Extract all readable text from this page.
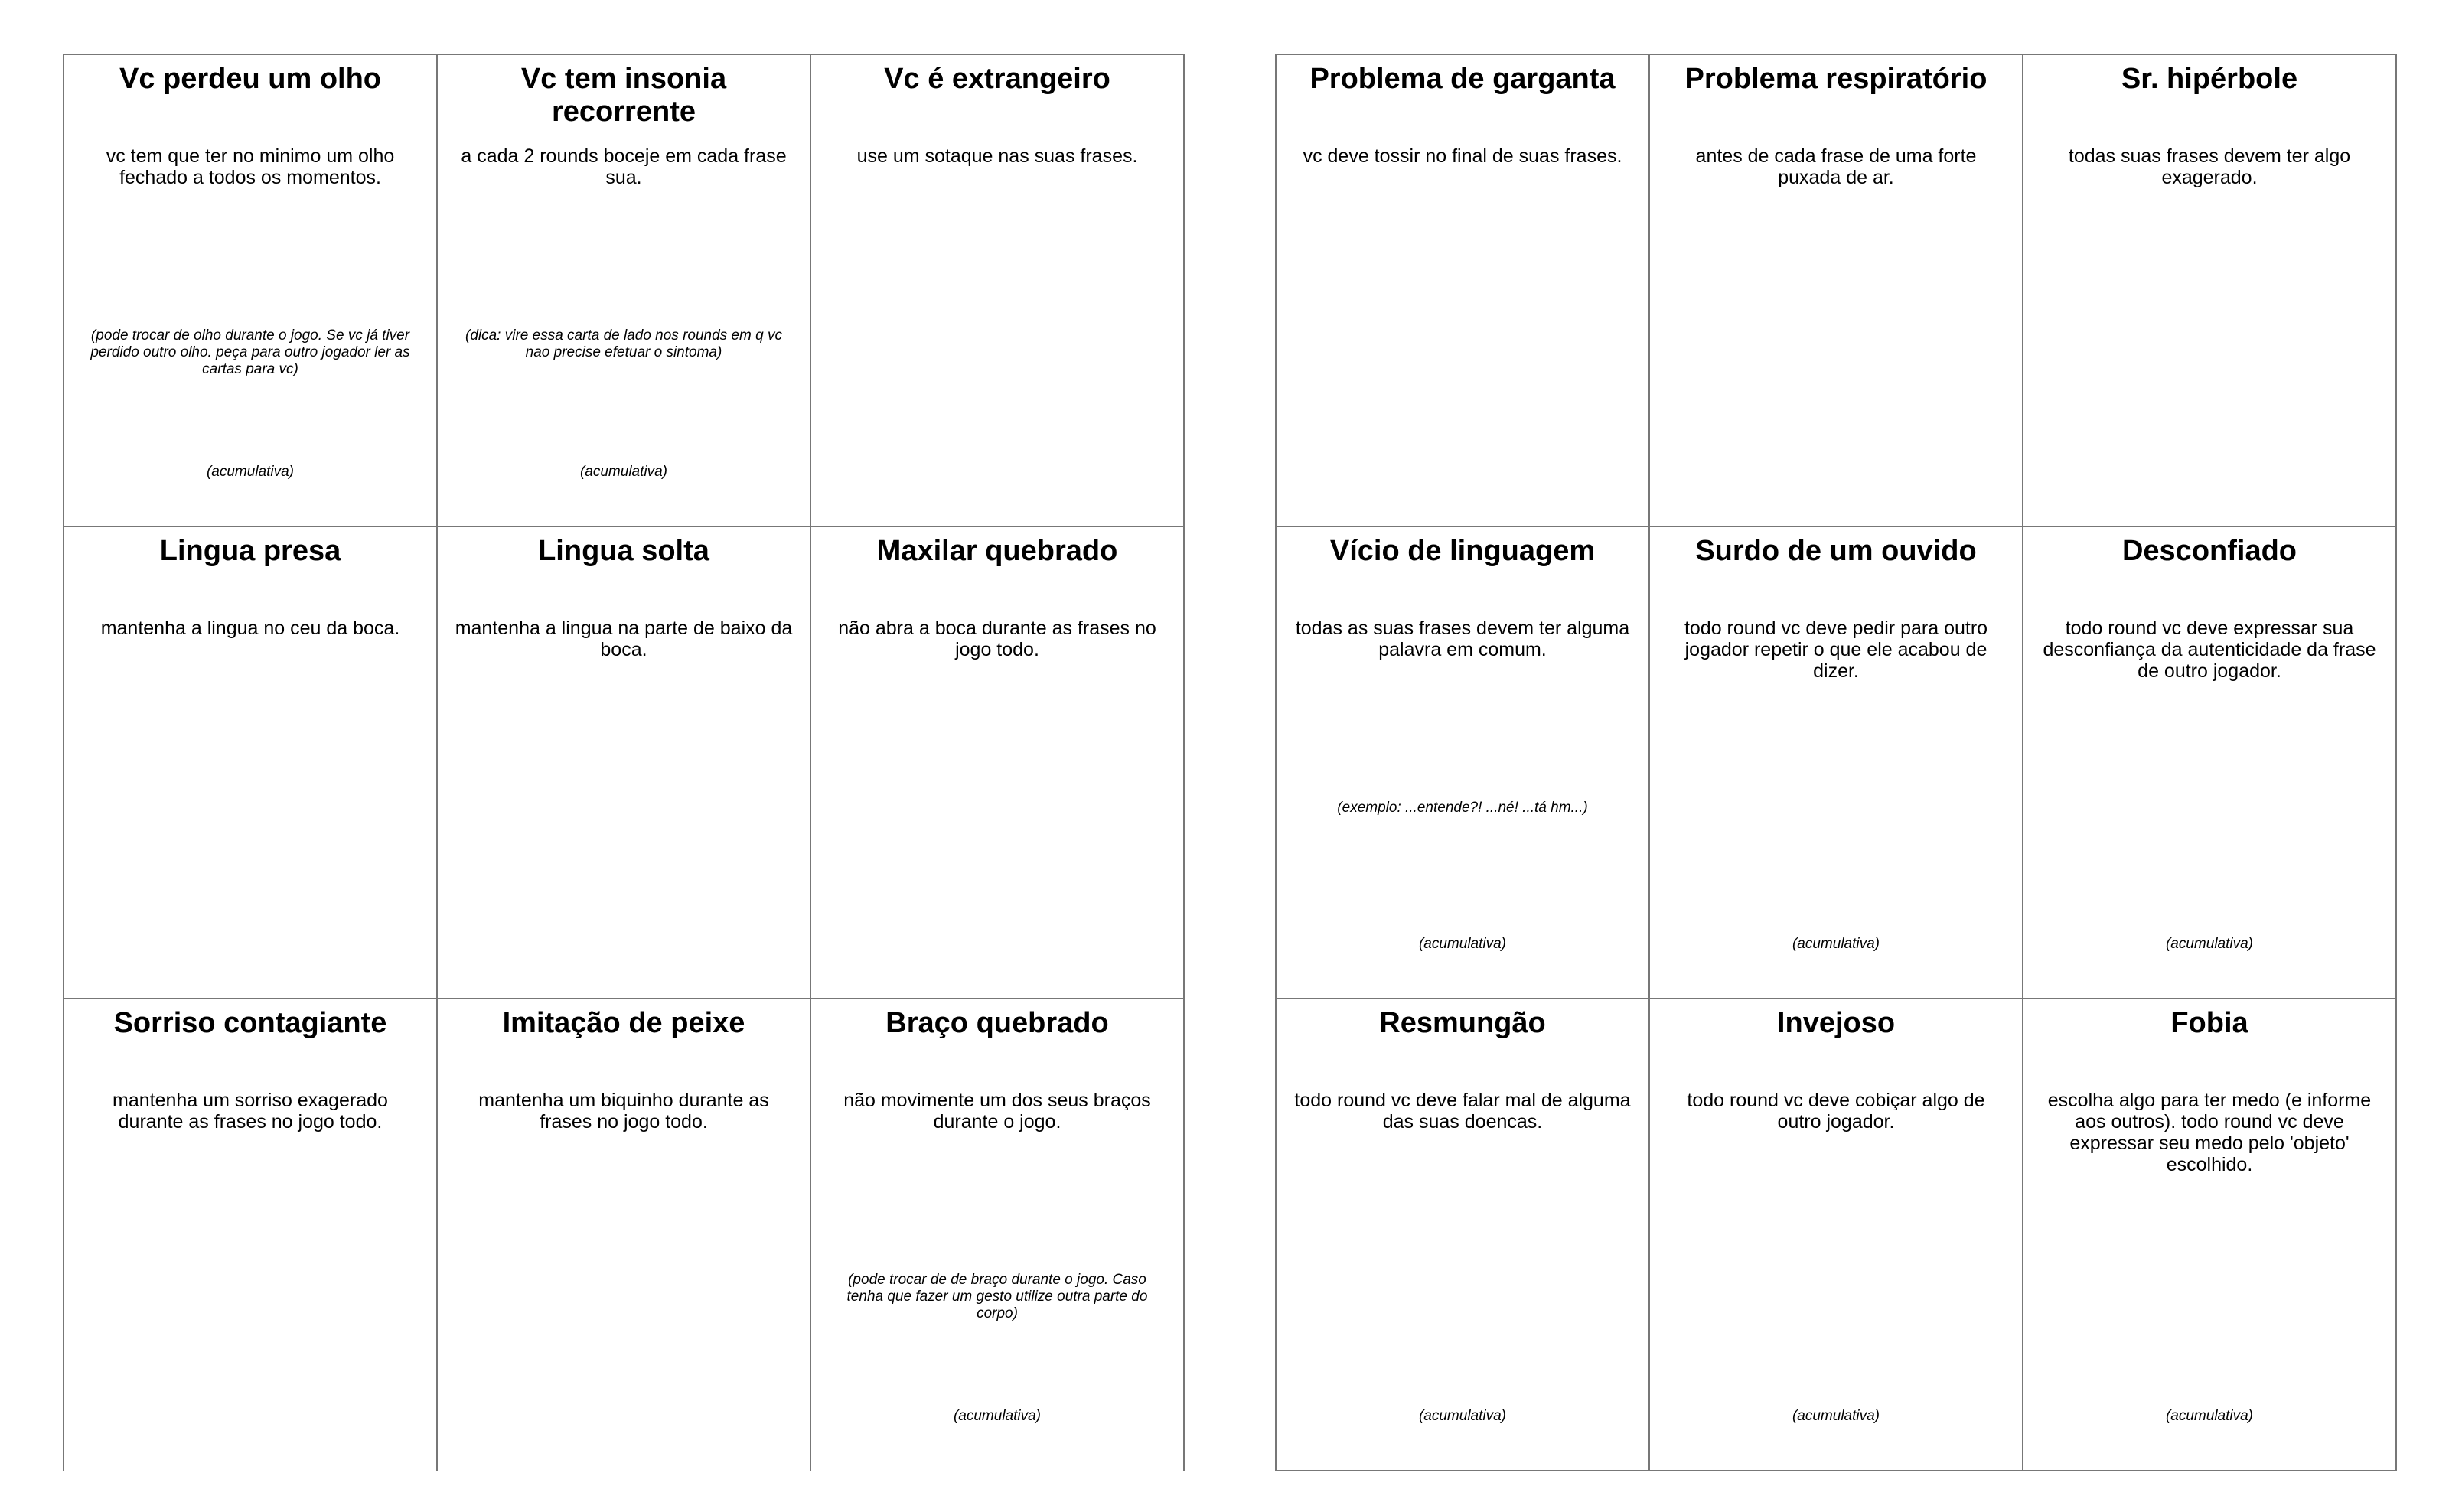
Vc perdeu um olho
vc tem que ter no minimo um olho fechado a todos os momentos.
(pode trocar de olho durante o jogo. Se vc já tiver perdido outro olho. peça para outro jogador ler as cartas para vc)
(acumulativa)
Vc tem insonia recorrente
a cada 2 rounds boceje em cada frase sua.
(dica: vire essa carta de lado nos rounds em q vc nao precise efetuar o sintoma)
(acumulativa)
Vc é extrangeiro
use um sotaque nas suas frases.
Lingua presa
mantenha a lingua no ceu da boca.
Lingua solta
mantenha a lingua na parte de baixo da boca.
Maxilar quebrado
não abra a boca durante as frases no jogo todo.
Sorriso contagiante
mantenha um sorriso exagerado durante as frases no jogo todo.
Imitação de peixe
mantenha um biquinho durante as frases no jogo todo.
Braço quebrado
não movimente um dos seus braços durante o jogo.
(pode trocar de de braço durante o jogo. Caso tenha que fazer um gesto utilize outra parte do corpo)
(acumulativa)
Problema de garganta
vc deve tossir no final de suas frases.
Problema respiratório
antes de cada frase de uma forte puxada de ar.
Sr. hipérbole
todas suas frases devem ter algo exagerado.
Vício de linguagem
todas as suas frases devem ter alguma palavra em comum.
(exemplo: ...entende?! ...né! ...tá hm...)
(acumulativa)
Surdo de um ouvido
todo round vc deve pedir para outro jogador repetir o que ele acabou de dizer.
(acumulativa)
Desconfiado
todo round vc deve expressar sua desconfiança da autenticidade da frase de outro jogador.
(acumulativa)
Resmungão
todo round vc deve falar mal de alguma das suas doencas.
(acumulativa)
Invejoso
todo round vc deve cobiçar algo de outro jogador.
(acumulativa)
Fobia
escolha algo para ter medo (e informe aos outros). todo round vc deve expressar seu medo pelo 'objeto' escolhido.
(acumulativa)
